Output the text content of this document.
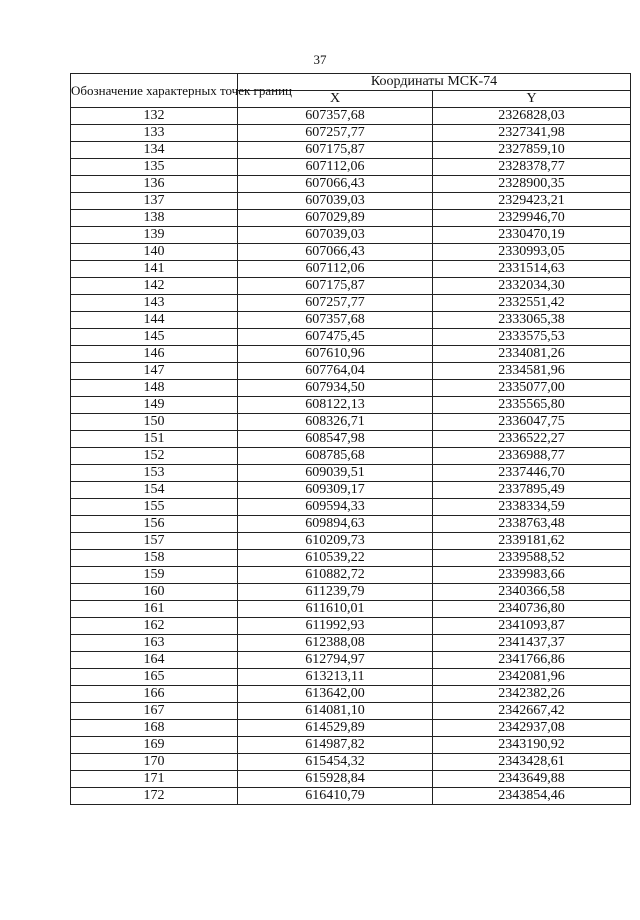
37
Обозначение характерных точек границ	Координаты МСК-74	
	X	Y
132	607357,68	2326828,03
133	607257,77	2327341,98
134	607175,87	2327859,10
135	607112,06	2328378,77
136	607066,43	2328900,35
137	607039,03	2329423,21
138	607029,89	2329946,70
139	607039,03	2330470,19
140	607066,43	2330993,05
141	607112,06	2331514,63
142	607175,87	2332034,30
143	607257,77	2332551,42
144	607357,68	2333065,38
145	607475,45	2333575,53
146	607610,96	2334081,26
147	607764,04	2334581,96
148	607934,50	2335077,00
149	608122,13	2335565,80
150	608326,71	2336047,75
151	608547,98	2336522,27
152	608785,68	2336988,77
153	609039,51	2337446,70
154	609309,17	2337895,49
155	609594,33	2338334,59
156	609894,63	2338763,48
157	610209,73	2339181,62
158	610539,22	2339588,52
159	610882,72	2339983,66
160	611239,79	2340366,58
161	611610,01	2340736,80
162	611992,93	2341093,87
163	612388,08	2341437,37
164	612794,97	2341766,86
165	613213,11	2342081,96
166	613642,00	2342382,26
167	614081,10	2342667,42
168	614529,89	2342937,08
169	614987,82	2343190,92
170	615454,32	2343428,61
171	615928,84	2343649,88
172	616410,79	2343854,46
